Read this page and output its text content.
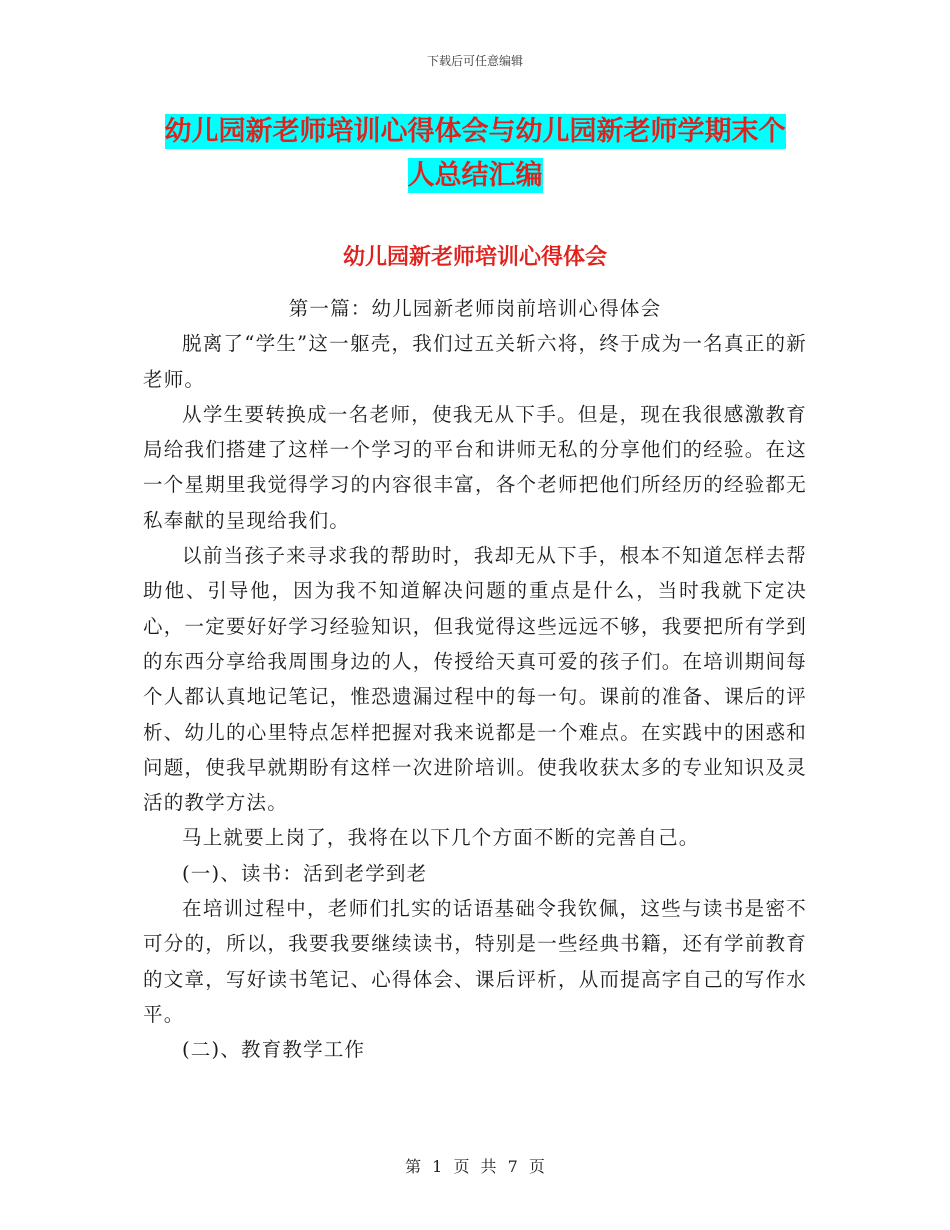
下载后可任意编辑
幼儿园新老师培训心得体会与幼儿园新老师学期末个
人总结汇编
幼儿园新老师培训心得体会

第一篇：幼儿园新老师岗前培训心得体会

脱离了“学生”这一躯壳，我们过五关斩六将，终于成为一名真正的新老师。

从学生要转换成一名老师，使我无从下手。但是，现在我很感激教育局给我们搭建了这样一个学习的平台和讲师无私的分享他们的经验。在这一个星期里我觉得学习的内容很丰富，各个老师把他们所经历的经验都无私奉献的呈现给我们。

以前当孩子来寻求我的帮助时，我却无从下手，根本不知道怎样去帮助他、引导他，因为我不知道解决问题的重点是什么，当时我就下定决心，一定要好好学习经验知识，但我觉得这些远远不够，我要把所有学到的东西分享给我周围身边的人，传授给天真可爱的孩子们。在培训期间每个人都认真地记笔记，惟恐遗漏过程中的每一句。课前的准备、课后的评析、幼儿的心里特点怎样把握对我来说都是一个难点。在实践中的困惑和问题，使我早就期盼有这样一次进阶培训。使我收获太多的专业知识及灵活的教学方法。

马上就要上岗了，我将在以下几个方面不断的完善自己。

(一)、读书：活到老学到老

在培训过程中，老师们扎实的话语基础令我钦佩，这些与读书是密不可分的，所以，我要我要继续读书，特别是一些经典书籍，还有学前教育的文章，写好读书笔记、心得体会、课后评析，从而提高字自己的写作水平。

(二)、教育教学工作

第 1 页 共 7 页
